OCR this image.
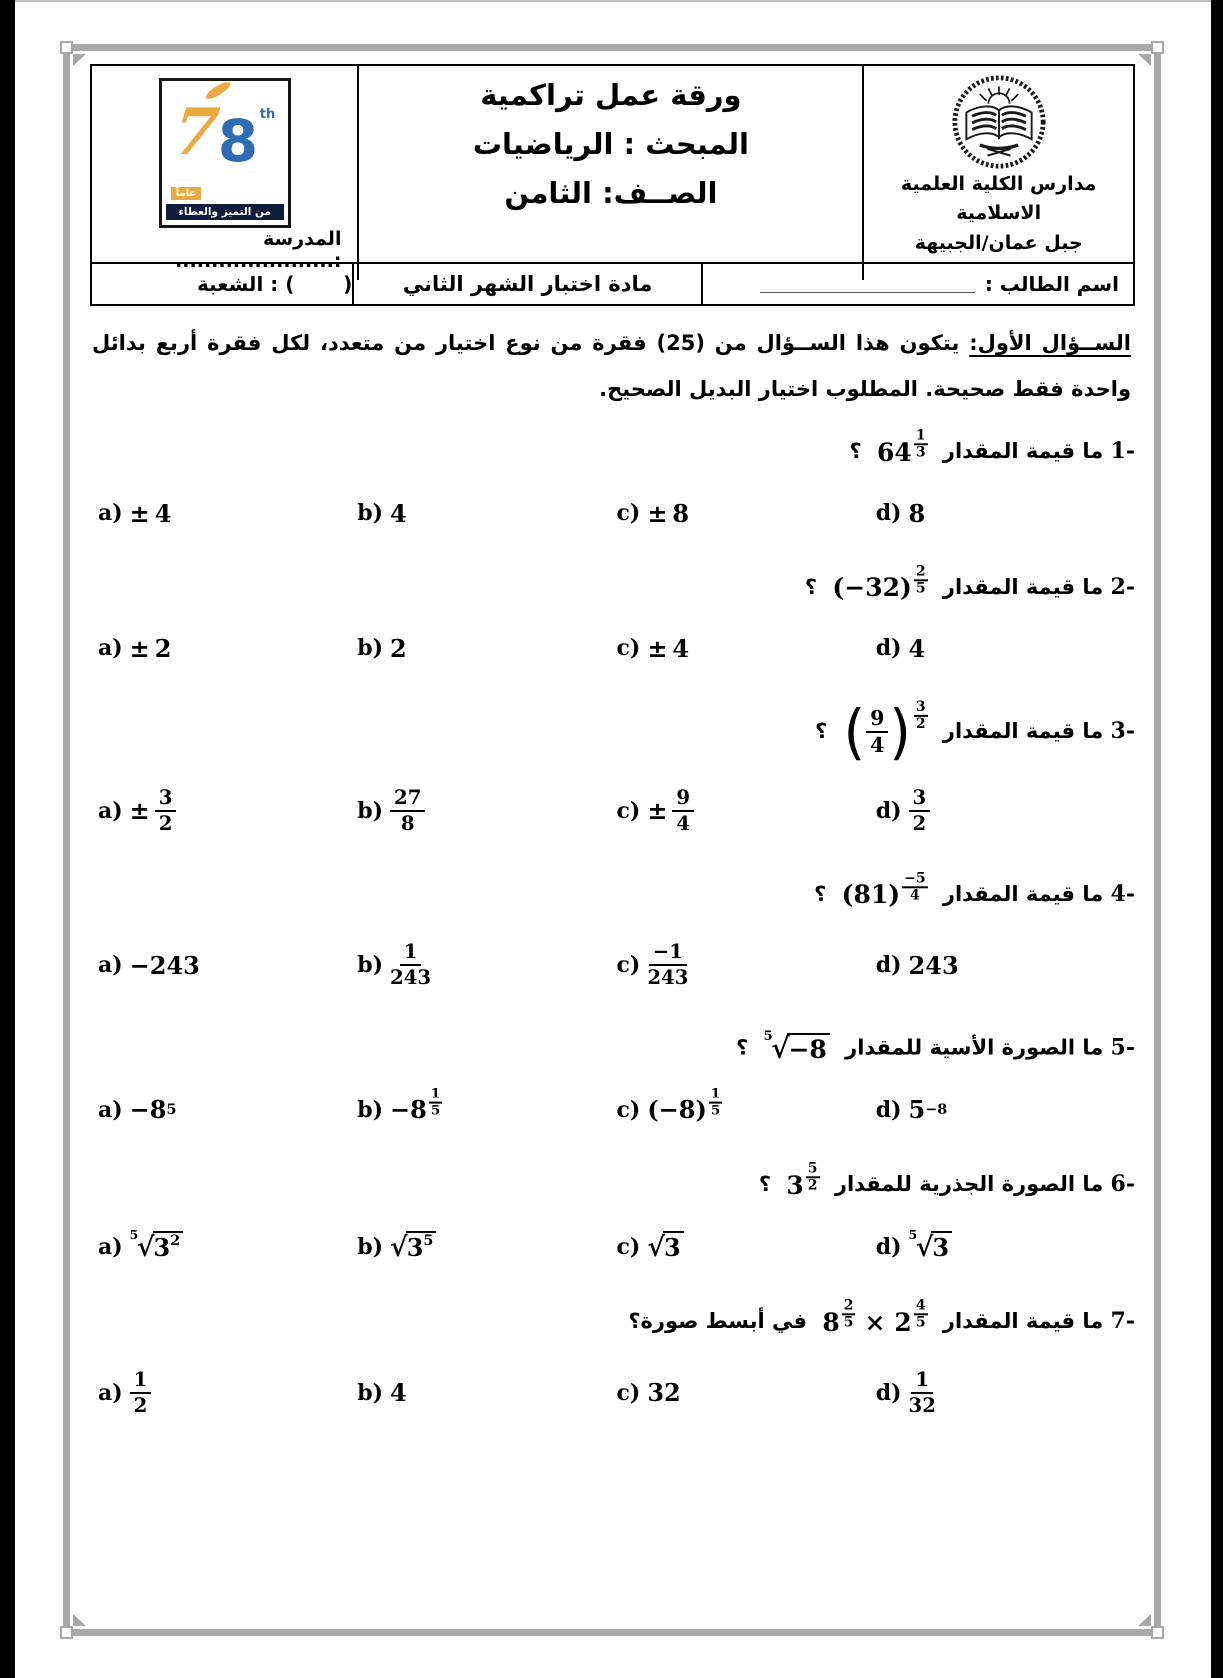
مدارس الكلية العلمية
الاسلامية
جبل عمان/الجبيهة
ورقة عمل تراكمية
المبحث : الرياضيات
الصــف: الثامن
7
8 th
عاماً
من التميز والعطاء
المدرسة :......................
اسم الطالب :
مادة اختبار الشهر الثاني
الشعبة : (       )

الســؤال الأول: يتكون هذا الســؤال من (25) فقرة من نوع اختيار من متعدد، لكل فقرة أربع بدائل واحدة فقط صحيحة. المطلوب اختيار البديل الصحيح.

1- ما قيمة المقدار
$64 \frac{1}{3}$
؟
a) ± 4	b) 4	c) ± 8	d) 8
2- ما قيمة المقدار
$(-32) \frac{2}{5}$
؟
a) ± 2	b) 2	c) ± 4	d) 4
3- ما قيمة المقدار
( $\frac{9}{4}$ ) $\frac{3}{2}$
؟
$a) \pm \frac{3}{2}$	$b) \frac{27}{8}$	$c) \pm \frac{9}{4}$	$d) \frac{3}{2}$
4- ما قيمة المقدار
$(81) \frac{-5}{4}$
؟
a) −243	$b) \frac{1}{243}$	$c) \frac{-1}{243}$	d) 243
5- ما الصورة الأسية للمقدار
5
√ −8
؟
a) −8 5	$b) -8 \frac{1}{5}$	c) $(-8) \frac{1}{5}$	d) 5 −8
6- ما الصورة الجذرية للمقدار
$3 \frac{5}{2}$
؟
a) 5
√ $3^2$	b) √ $3^5$	c) √ 3	d) 5
√ 3
7- ما قيمة المقدار
$8 \frac{2}{5} \times 2 \frac{4}{5}$
في أبسط صورة؟
$a) \frac{1}{2}$	b) 4	c) 32	$d) \frac{1}{32}$
